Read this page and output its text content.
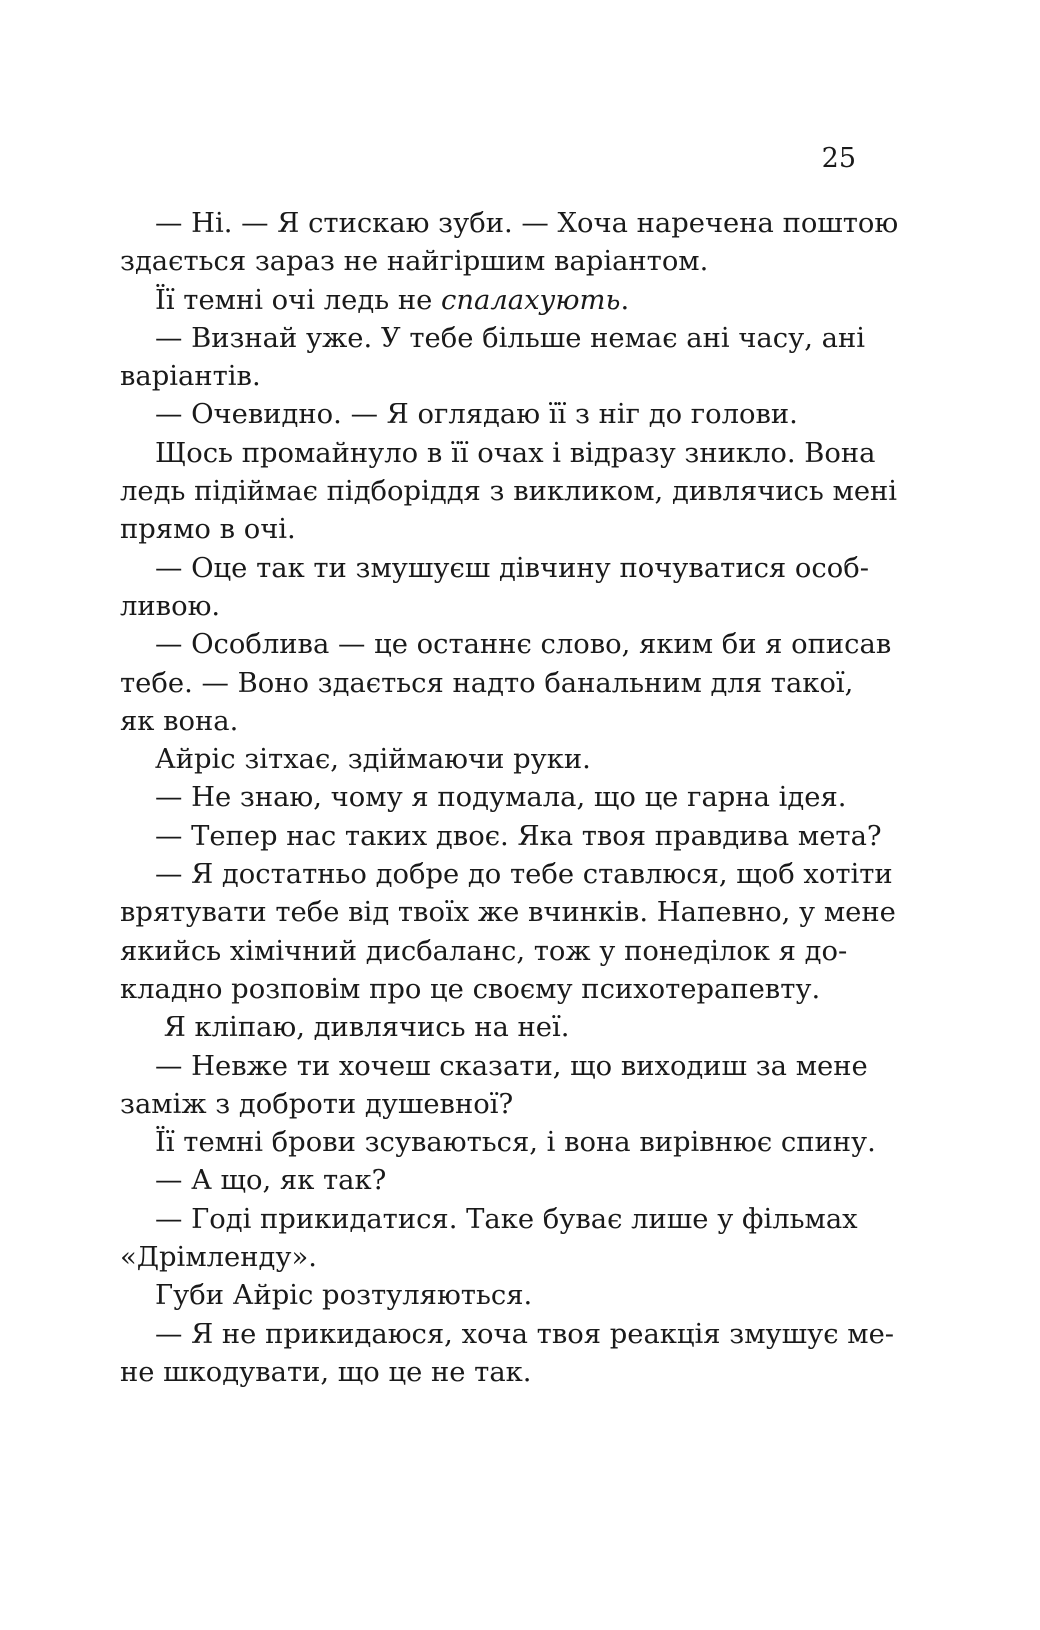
25
— Ні. — Я стискаю зуби. — Хоча наречена поштою
здається зараз не найгіршим варіантом.
Її темні очі ледь не спалахують.
— Визнай уже. У тебе більше немає ані часу, ані
варіантів.
— Очевидно. — Я оглядаю її з ніг до голови.
Щось промайнуло в її очах і відразу зникло. Вона
ледь підіймає підборіддя з викликом, дивлячись мені
прямо в очі.
— Оце так ти змушуєш дівчину почуватися особ-
ливою.
— Особлива — це останнє слово, яким би я описав
тебе. — Воно здається надто банальним для такої,
як вона.
Айріс зітхає, здіймаючи руки.
— Не знаю, чому я подумала, що це гарна ідея.
— Тепер нас таких двоє. Яка твоя правдива мета?
— Я достатньо добре до тебе ставлюся, щоб хотіти
врятувати тебе від твоїх же вчинків. Напевно, у мене
якийсь хімічний дисбаланс, тож у понеділок я до-
кладно розповім про це своєму психотерапевту.
Я кліпаю, дивлячись на неї.
— Невже ти хочеш сказати, що виходиш за мене
заміж з доброти душевної?
Її темні брови зсуваються, і вона вирівнює спину.
— А що, як так?
— Годі прикидатися. Таке буває лише у фільмах
«Дрімленду».
Губи Айріс розтуляються.
— Я не прикидаюся, хоча твоя реакція змушує ме-
не шкодувати, що це не так.
